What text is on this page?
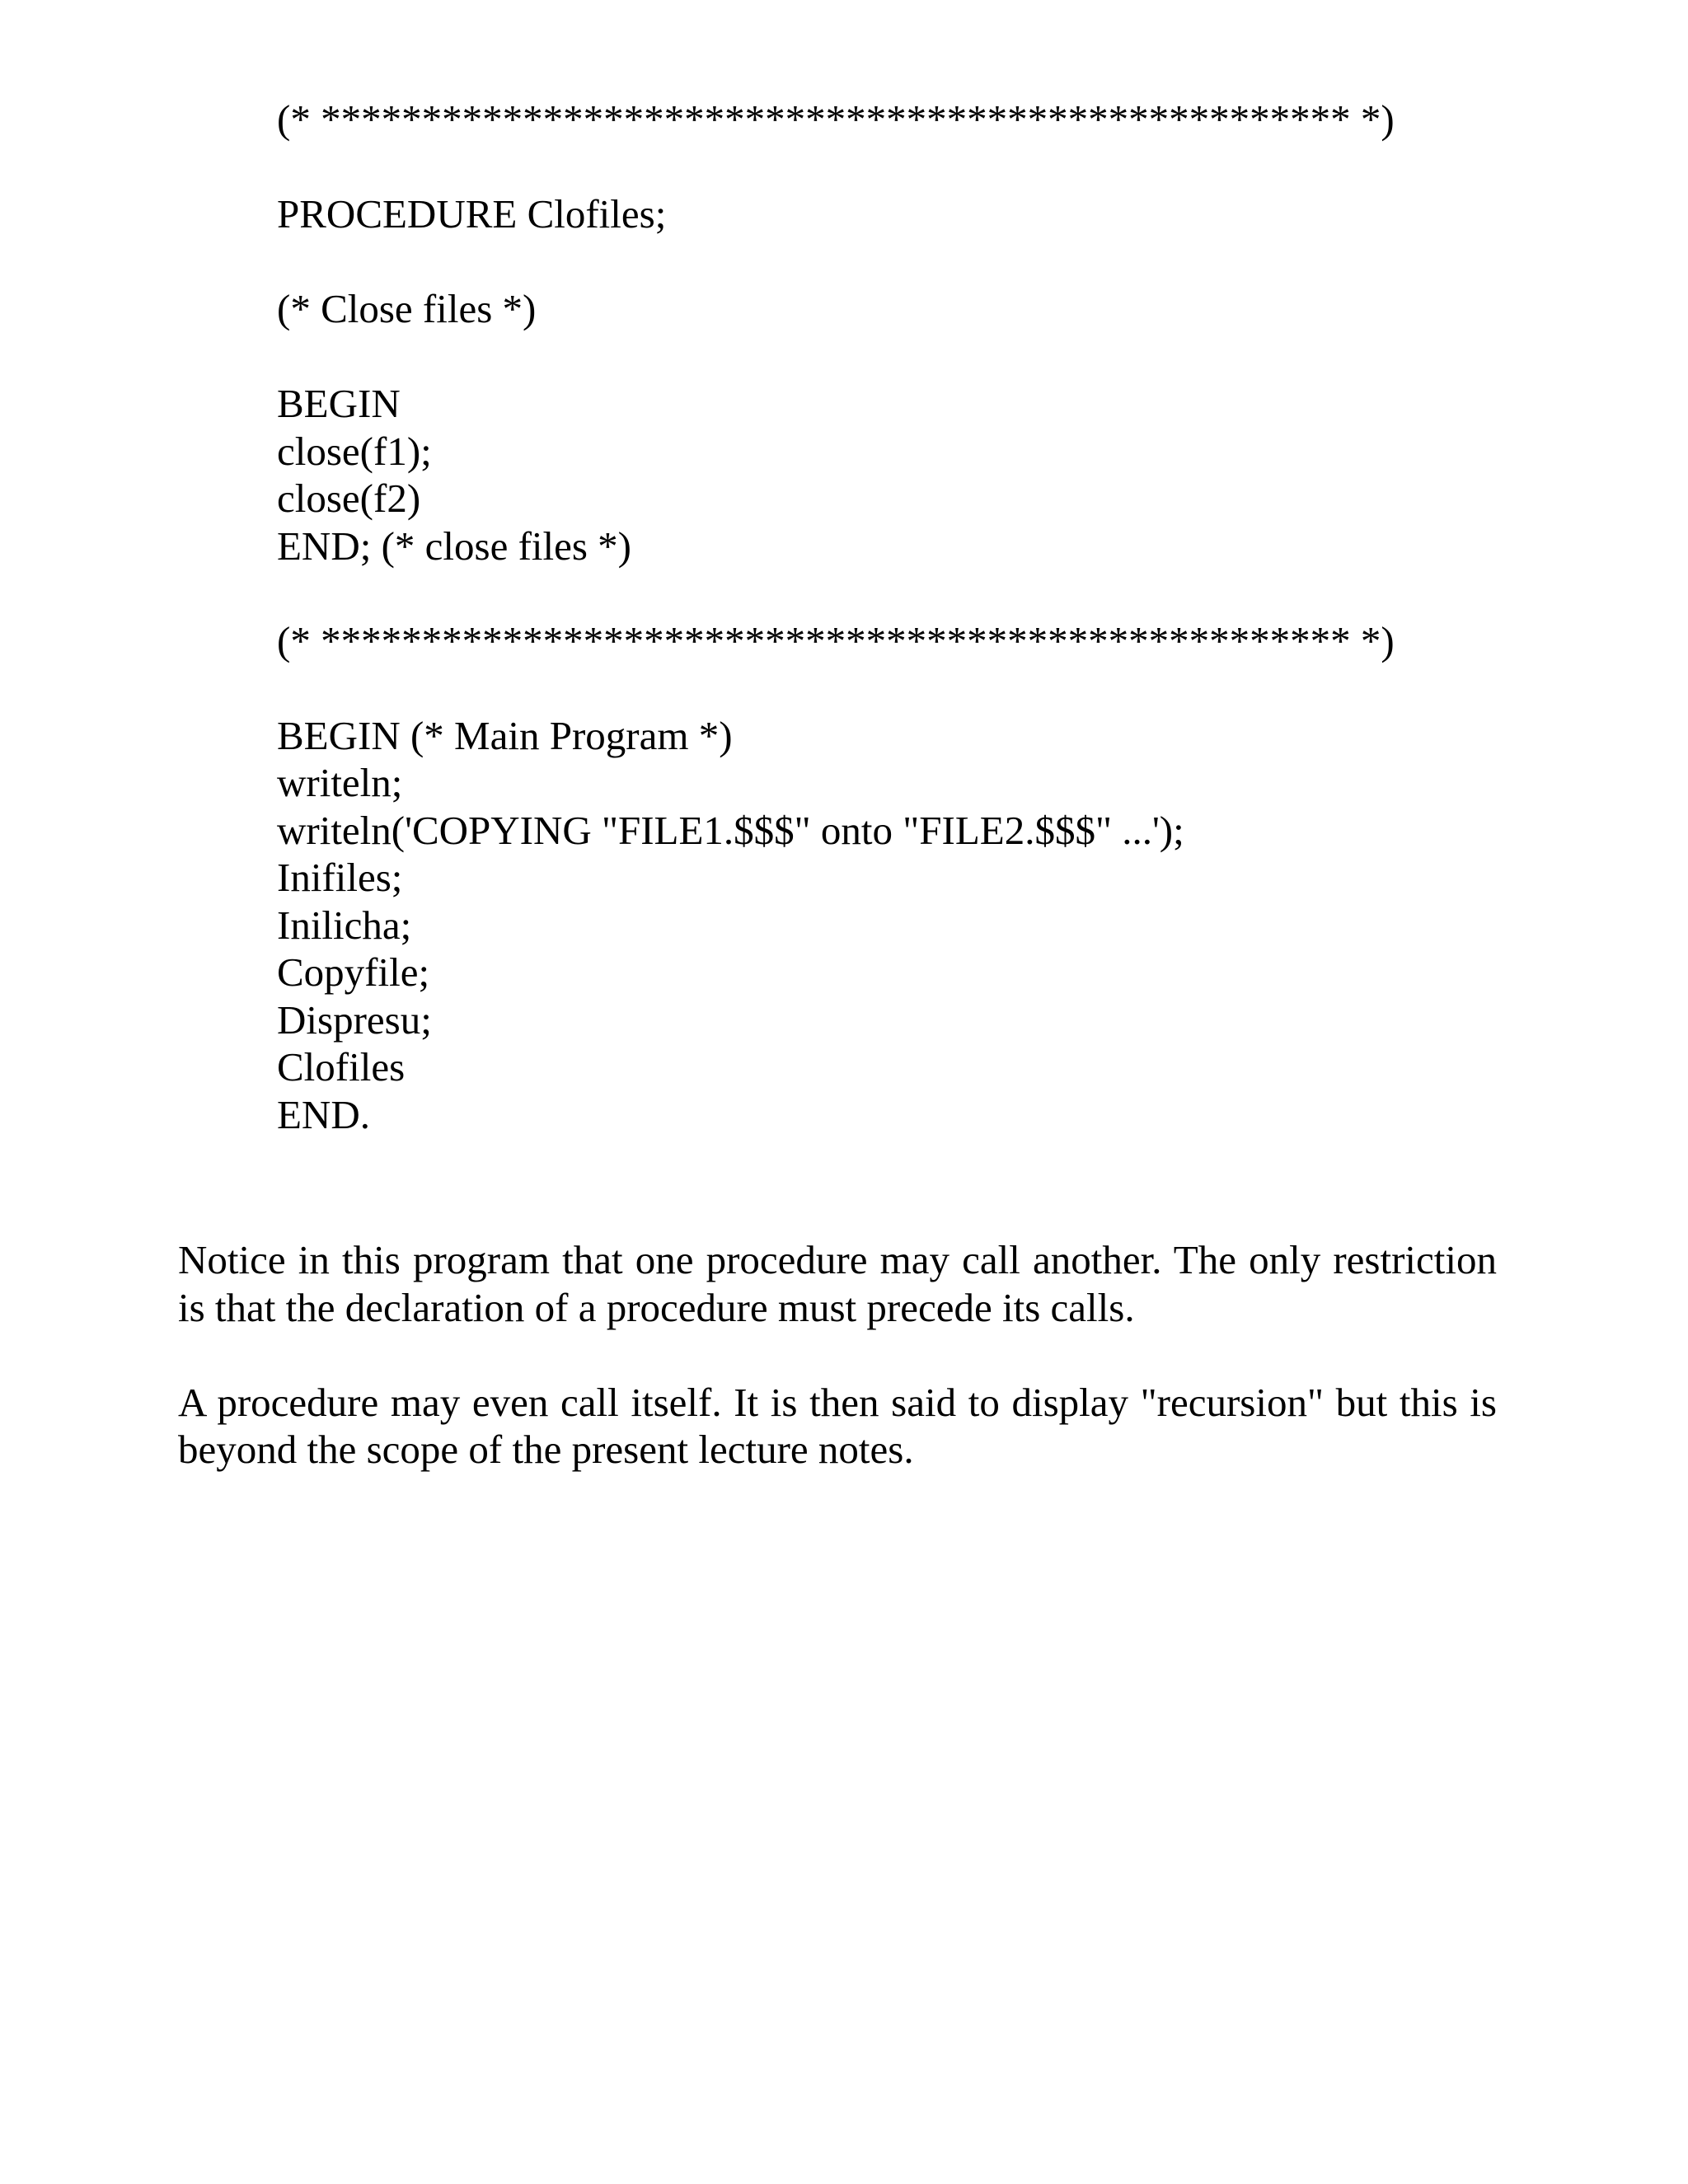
(* *************************************************** *)
PROCEDURE Clofiles;
(* Close files *)
BEGIN
close(f1);
close(f2)
END; (* close files *)
(* *************************************************** *)
BEGIN (* Main Program *)
writeln;
writeln('COPYING "FILE1.$$$" onto "FILE2.$$$" ...');
Inifiles;
Inilicha;
Copyfile;
Dispresu;
Clofiles
END.

Notice in this program that one procedure may call another. The only restriction is that the declaration of a procedure must precede its calls.

A procedure may even call itself. It is then said to display "recursion" but this is beyond the scope of the present lecture notes.
